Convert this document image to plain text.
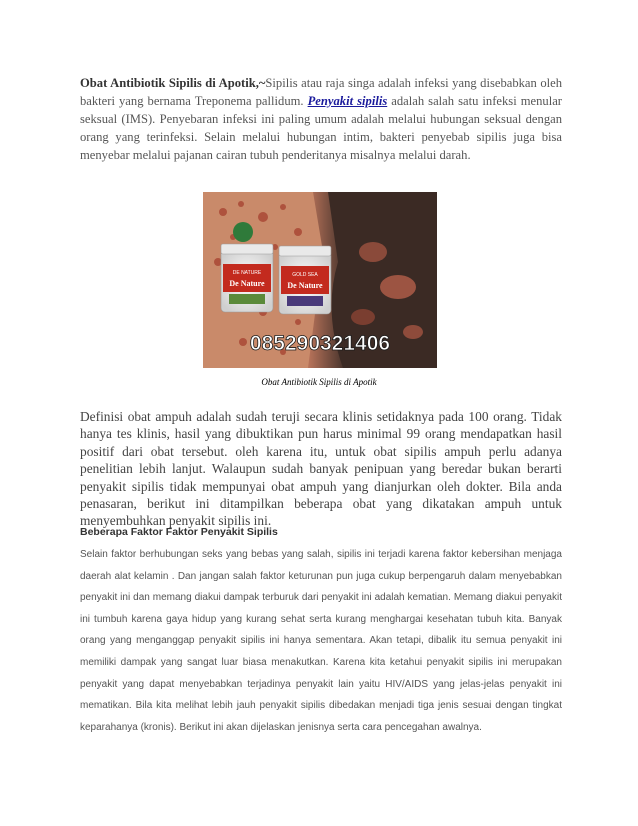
Obat Antibiotik Sipilis di Apotik,~Sipilis atau raja singa adalah infeksi yang disebabkan oleh bakteri yang bernama Treponema pallidum. Penyakit sipilis adalah salah satu infeksi menular seksual (IMS). Penyebaran infeksi ini paling umum adalah melalui hubungan seksual dengan orang yang terinfeksi. Selain melalui hubungan intim, bakteri penyebab sipilis juga bisa menyebar melalui pajanan cairan tubuh penderitanya misalnya melalui darah.

DE NATURE
De Nature
GOLD SEA
De Nature
085290321406
Obat Antibiotik Sipilis di Apotik

Definisi obat ampuh adalah sudah teruji secara klinis setidaknya pada 100 orang. Tidak hanya tes klinis, hasil yang dibuktikan pun harus minimal 99 orang mendapatkan hasil positif dari obat tersebut. oleh karena itu, untuk obat sipilis ampuh perlu adanya penelitian lebih lanjut. Walaupun sudah banyak penipuan yang beredar bukan berarti penyakit sipilis tidak mempunyai obat ampuh yang dianjurkan oleh dokter. Bila anda penasaran, berikut ini ditampilkan beberapa obat yang dikatakan ampuh untuk menyembuhkan penyakit sipilis ini.

Beberapa Faktor Faktor Penyakit Sipilis

Selain faktor berhubungan seks yang bebas yang salah, sipilis ini terjadi karena faktor kebersihan menjaga daerah alat kelamin . Dan jangan salah faktor keturunan pun juga cukup berpengaruh dalam menyebabkan penyakit ini dan memang diakui dampak terburuk dari penyakit ini adalah kematian. Memang diakui penyakit ini tumbuh karena gaya hidup yang kurang sehat serta kurang menghargai kesehatan tubuh kita. Banyak orang yang menganggap penyakit sipilis ini hanya sementara. Akan tetapi, dibalik itu semua penyakit ini memiliki dampak yang sangat luar biasa menakutkan. Karena kita ketahui penyakit sipilis ini merupakan penyakit yang dapat menyebabkan terjadinya penyakit lain yaitu HIV/AIDS yang jelas-jelas penyakit ini mematikan. Bila kita melihat lebih jauh penyakit sipilis dibedakan menjadi tiga jenis sesuai dengan tingkat keparahanya (kronis). Berikut ini akan dijelaskan jenisnya serta cara pencegahan awalnya.
